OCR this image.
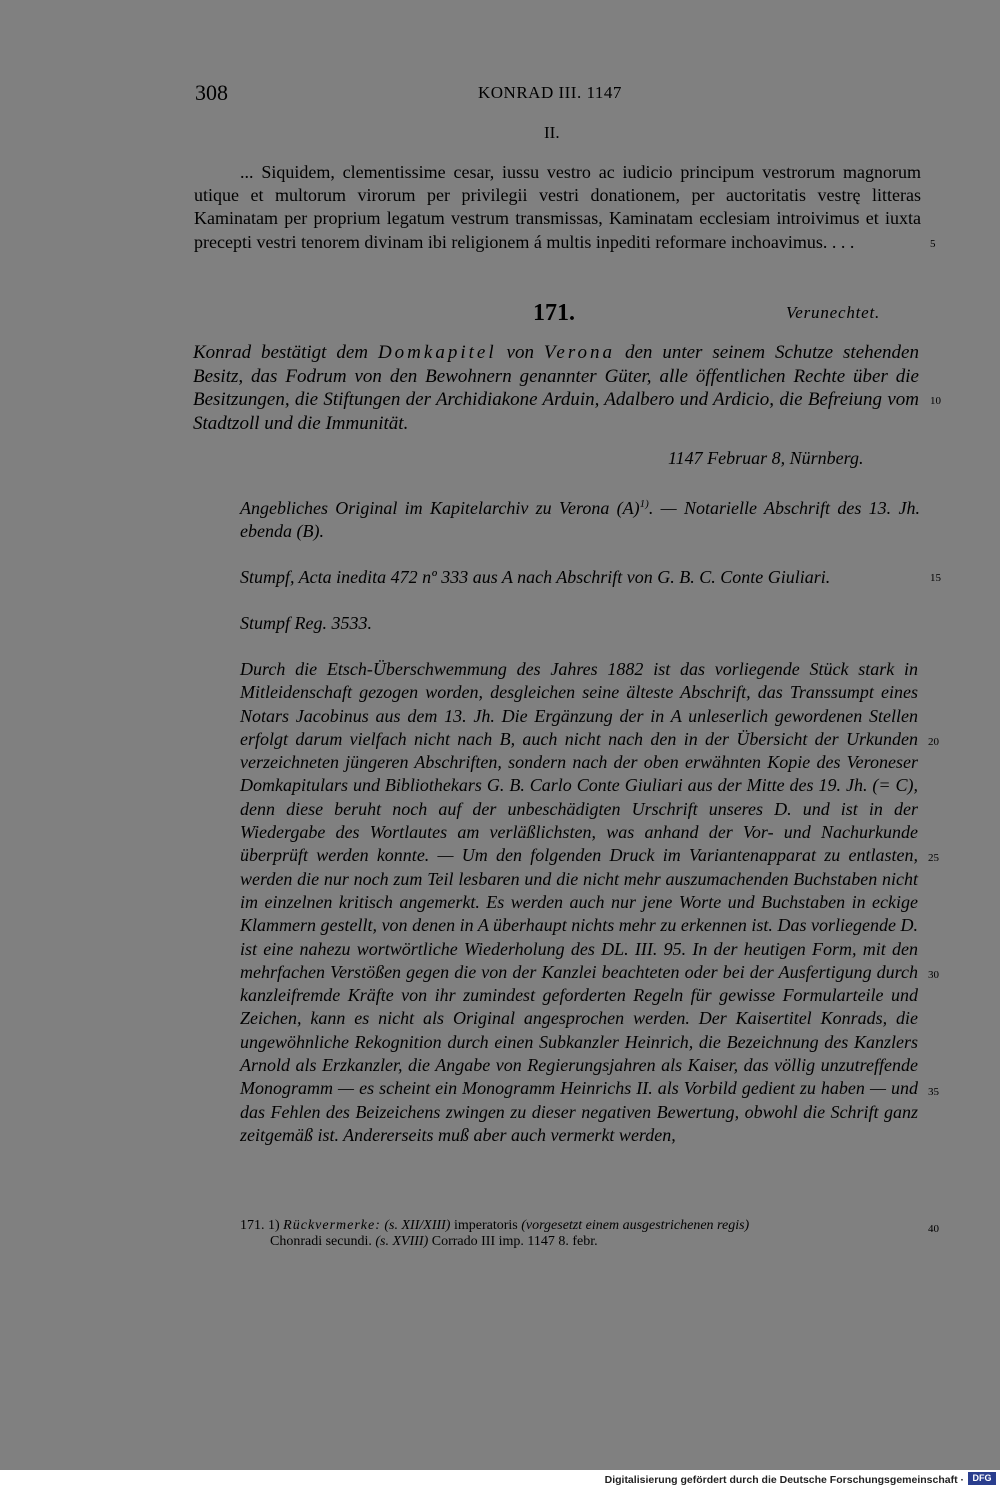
308	KONRAD III. 1147
II.

... Siquidem, clementissime cesar, iussu vestro ac iudicio principum vestrorum magnorum utique et multorum virorum per privilegii vestri donationem, per auctoritatis vestrę litteras Kaminatam per proprium legatum vestrum transmissas, Kaminatam ecclesiam introivimus et iuxta precepti vestri tenorem divinam ibi religionem á multis inpediti reformare inchoavimus. . . .

171.	Verunechtet.

Konrad bestätigt dem Domkapitel von Verona den unter seinem Schutze stehenden Besitz, das Fodrum von den Bewohnern genannter Güter, alle öffentlichen Rechte über die Besitzungen, die Stiftungen der Archidiakone Arduin, Adalbero und Ardicio, die Befreiung vom Stadtzoll und die Immunität.

1147 Februar 8, Nürnberg.

Angebliches Original im Kapitelarchiv zu Verona $(A)^{1)}$. — Notarielle Abschrift des 13. Jh. ebenda (B).

Stumpf, Acta inedita 472 nº 333 aus A nach Abschrift von G. B. C. Conte Giuliari.

Stumpf Reg. 3533.

Durch die Etsch-Überschwemmung des Jahres 1882 ist das vorliegende Stück stark in Mitleidenschaft gezogen worden, desgleichen seine älteste Abschrift, das Transsumpt eines Notars Jacobinus aus dem 13. Jh. Die Ergänzung der in A unleserlich gewordenen Stellen erfolgt darum vielfach nicht nach B, auch nicht nach den in der Übersicht der Urkunden verzeichneten jüngeren Abschriften, sondern nach der oben erwähnten Kopie des Veroneser Domkapitulars und Bibliothekars G. B. Carlo Conte Giuliari aus der Mitte des 19. Jh. (= C), denn diese beruht noch auf der unbeschädigten Urschrift unseres D. und ist in der Wiedergabe des Wortlautes am verläßlichsten, was anhand der Vor- und Nachurkunde überprüft werden konnte. — Um den folgenden Druck im Variantenapparat zu entlasten, werden die nur noch zum Teil lesbaren und die nicht mehr auszumachenden Buchstaben nicht im einzelnen kritisch angemerkt. Es werden auch nur jene Worte und Buchstaben in eckige Klammern gestellt, von denen in A überhaupt nichts mehr zu erkennen ist. Das vorliegende D. ist eine nahezu wortwörtliche Wiederholung des DL. III. 95. In der heutigen Form, mit den mehrfachen Verstößen gegen die von der Kanzlei beachteten oder bei der Ausfertigung durch kanzleifremde Kräfte von ihr zumindest geforderten Regeln für gewisse Formularteile und Zeichen, kann es nicht als Original angesprochen werden. Der Kaisertitel Konrads, die ungewöhnliche Rekognition durch einen Subkanzler Heinrich, die Bezeichnung des Kanzlers Arnold als Erzkanzler, die Angabe von Regierungsjahren als Kaiser, das völlig unzutreffende Monogramm — es scheint ein Monogramm Heinrichs II. als Vorbild gedient zu haben — und das Fehlen des Beizeichens zwingen zu dieser negativen Bewertung, obwohl die Schrift ganz zeitgemäß ist. Andererseits muß aber auch vermerkt werden,

171. 1) Rückvermerke: (s. XII/XIII) imperatoris (vorgesetzt einem ausgestrichenen regis)
Chonradi secundi. (s. XVIII) Corrado III imp. 1147 8. febr.
5
10
15
20
25
30
35
40
Digitalisierung gefördert durch die Deutsche Forschungsgemeinschaft · DFG
